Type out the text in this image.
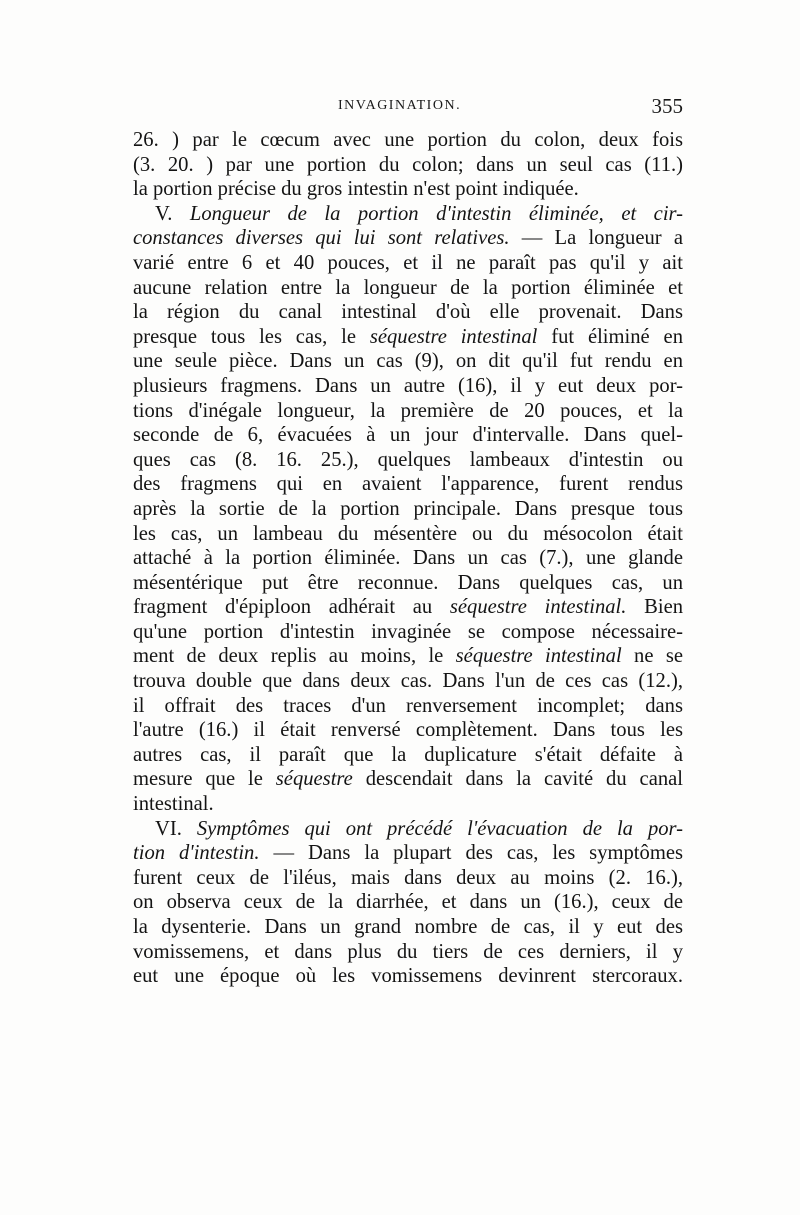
INVAGINATION.	355
26. ) par le cœcum avec une portion du colon, deux fois
(3. 20. ) par une portion du colon; dans un seul cas (11.)
la portion précise du gros intestin n'est point indiquée.
V. Longueur de la portion d'intestin éliminée, et cir-
constances diverses qui lui sont relatives. — La longueur a
varié entre 6 et 40 pouces, et il ne paraît pas qu'il y ait
aucune relation entre la longueur de la portion éliminée et
la région du canal intestinal d'où elle provenait. Dans
presque tous les cas, le séquestre intestinal fut éliminé en
une seule pièce. Dans un cas (9), on dit qu'il fut rendu en
plusieurs fragmens. Dans un autre (16), il y eut deux por-
tions d'inégale longueur, la première de 20 pouces, et la
seconde de 6, évacuées à un jour d'intervalle. Dans quel-
ques cas (8. 16. 25.), quelques lambeaux d'intestin ou
des fragmens qui en avaient l'apparence, furent rendus
après la sortie de la portion principale. Dans presque tous
les cas, un lambeau du mésentère ou du mésocolon était
attaché à la portion éliminée. Dans un cas (7.), une glande
mésentérique put être reconnue. Dans quelques cas, un
fragment d'épiploon adhérait au séquestre intestinal. Bien
qu'une portion d'intestin invaginée se compose nécessaire-
ment de deux replis au moins, le séquestre intestinal ne se
trouva double que dans deux cas. Dans l'un de ces cas (12.),
il offrait des traces d'un renversement incomplet; dans
l'autre (16.) il était renversé complètement. Dans tous les
autres cas, il paraît que la duplicature s'était défaite à
mesure que le séquestre descendait dans la cavité du canal
intestinal.
VI. Symptômes qui ont précédé l'évacuation de la por-
tion d'intestin. — Dans la plupart des cas, les symptômes
furent ceux de l'iléus, mais dans deux au moins (2. 16.),
on observa ceux de la diarrhée, et dans un (16.), ceux de
la dysenterie. Dans un grand nombre de cas, il y eut des
vomissemens, et dans plus du tiers de ces derniers, il y
eut une époque où les vomissemens devinrent stercoraux.
